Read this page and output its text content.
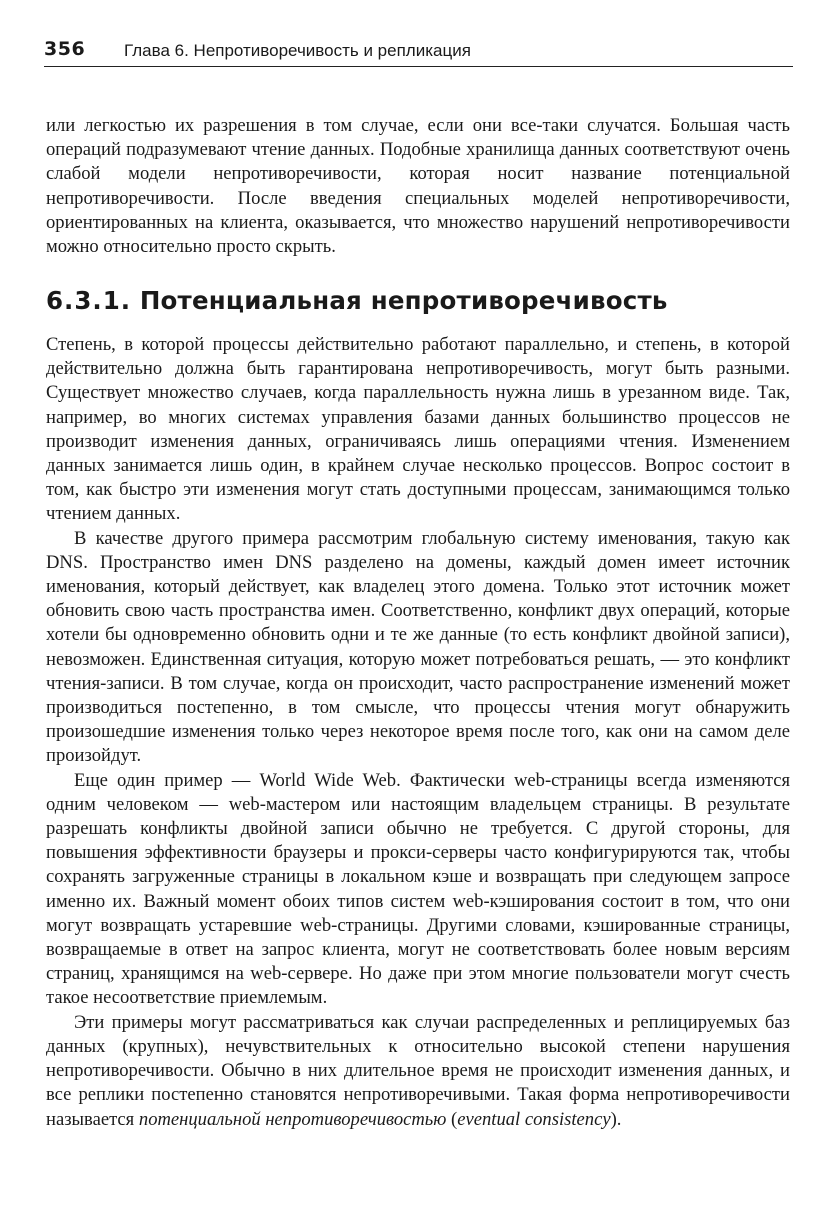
356 Глава 6. Непротиворечивость и репликация

или легкостью их разрешения в том случае, если они все-таки случатся. Большая часть операций подразумевают чтение данных. Подобные хранилища данных соответствуют очень слабой модели непротиворечивости, которая носит название потенциальной непротиворечивости. После введения специальных моделей непротиворечивости, ориентированных на клиента, оказывается, что множество нарушений непротиворечивости можно относительно просто скрыть.

6.3.1. Потенциальная непротиворечивость

Степень, в которой процессы действительно работают параллельно, и степень, в которой действительно должна быть гарантирована непротиворечивость, могут быть разными. Существует множество случаев, когда параллельность нужна лишь в урезанном виде. Так, например, во многих системах управления базами данных большинство процессов не производит изменения данных, ограничиваясь лишь операциями чтения. Изменением данных занимается лишь один, в крайнем случае несколько процессов. Вопрос состоит в том, как быстро эти изменения могут стать доступными процессам, занимающимся только чтением данных.

В качестве другого примера рассмотрим глобальную систему именования, такую как DNS. Пространство имен DNS разделено на домены, каждый домен имеет источник именования, который действует, как владелец этого домена. Только этот источник может обновить свою часть пространства имен. Соответственно, конфликт двух операций, которые хотели бы одновременно обновить одни и те же данные (то есть конфликт двойной записи), невозможен. Единственная ситуация, которую может потребоваться решать, — это конфликт чтения-записи. В том случае, когда он происходит, часто распространение изменений может производиться постепенно, в том смысле, что процессы чтения могут обнаружить произошедшие изменения только через некоторое время после того, как они на самом деле произойдут.

Еще один пример — World Wide Web. Фактически web-страницы всегда изменяются одним человеком — web-мастером или настоящим владельцем страницы. В результате разрешать конфликты двойной записи обычно не требуется. С другой стороны, для повышения эффективности браузеры и прокси-серверы часто конфигурируются так, чтобы сохранять загруженные страницы в локальном кэше и возвращать при следующем запросе именно их. Важный момент обоих типов систем web-кэширования состоит в том, что они могут возвращать устаревшие web-страницы. Другими словами, кэшированные страницы, возвращаемые в ответ на запрос клиента, могут не соответствовать более новым версиям страниц, хранящимся на web-сервере. Но даже при этом многие пользователи могут счесть такое несоответствие приемлемым.

Эти примеры могут рассматриваться как случаи распределенных и реплицируемых баз данных (крупных), нечувствительных к относительно высокой степени нарушения непротиворечивости. Обычно в них длительное время не происходит изменения данных, и все реплики постепенно становятся непротиворечивыми. Такая форма непротиворечивости называется потенциальной непротиворечивостью (eventual consistency).
